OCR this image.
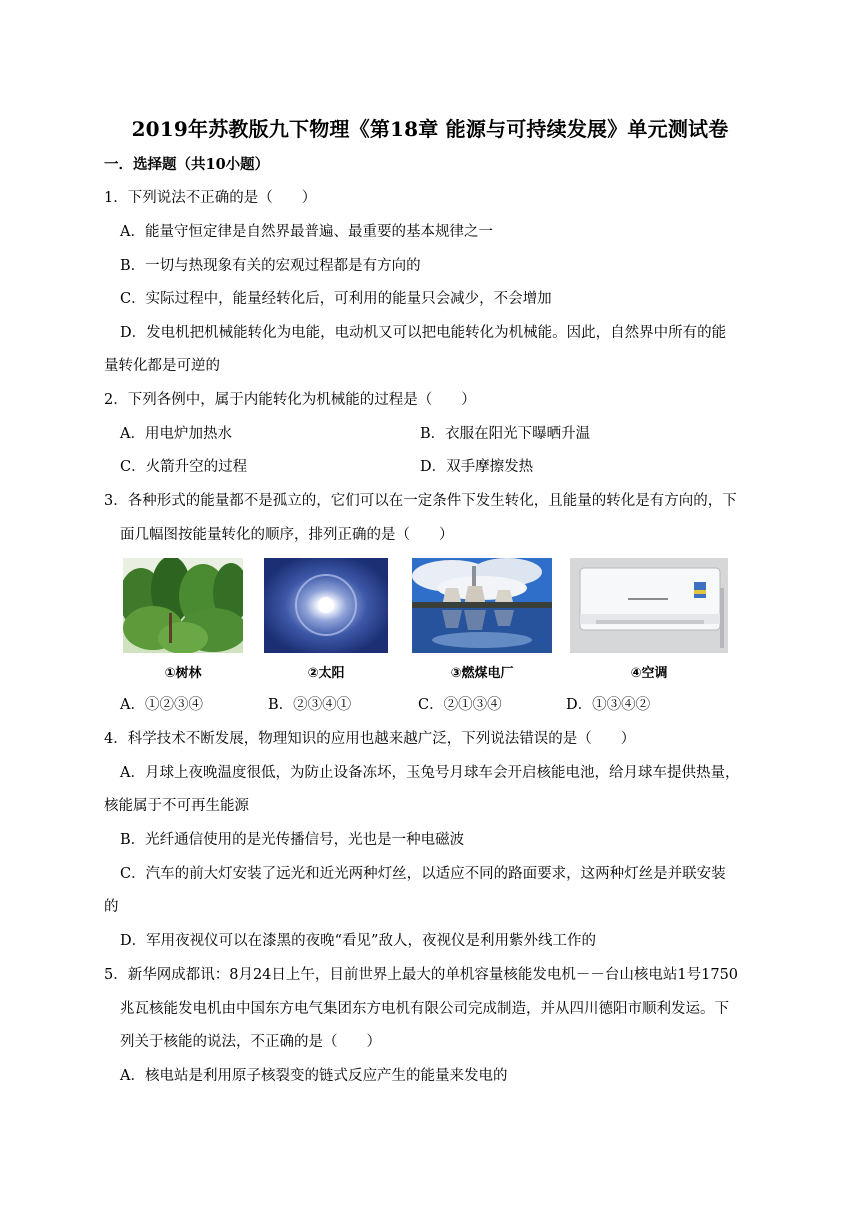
2019年苏教版九下物理《第18章 能源与可持续发展》单元测试卷
一．选择题（共10小题）
1．下列说法不正确的是（　　）
A．能量守恒定律是自然界最普遍、最重要的基本规律之一
B．一切与热现象有关的宏观过程都是有方向的
C．实际过程中，能量经转化后，可利用的能量只会减少，不会增加
D．发电机把机械能转化为电能，电动机又可以把电能转化为机械能。因此，自然界中所有的能
量转化都是可逆的
2．下列各例中，属于内能转化为机械能的过程是（　　）
A．用电炉加热水	B．衣服在阳光下曝晒升温
C．火箭升空的过程	D．双手摩擦发热
3．各种形式的能量都不是孤立的，它们可以在一定条件下发生转化，且能量的转化是有方向的，下
面几幅图按能量转化的顺序，排列正确的是（　　）
①树林	②太阳	③燃煤电厂	④空调
A．①②③④	B．②③④①	C．②①③④	D．①③④②
4．科学技术不断发展，物理知识的应用也越来越广泛，下列说法错误的是（　　）
A．月球上夜晚温度很低，为防止设备冻坏，玉兔号月球车会开启核能电池，给月球车提供热量，
核能属于不可再生能源
B．光纤通信使用的是光传播信号，光也是一种电磁波
C．汽车的前大灯安装了远光和近光两种灯丝，以适应不同的路面要求，这两种灯丝是并联安装
的
D．军用夜视仪可以在漆黑的夜晚“看见”敌人，夜视仪是利用紫外线工作的
5．新华网成都讯：8月24日上午，目前世界上最大的单机容量核能发电机－－台山核电站1号1750
兆瓦核能发电机由中国东方电气集团东方电机有限公司完成制造，并从四川德阳市顺利发运。下
列关于核能的说法，不正确的是（　　）
A．核电站是利用原子核裂变的链式反应产生的能量来发电的
